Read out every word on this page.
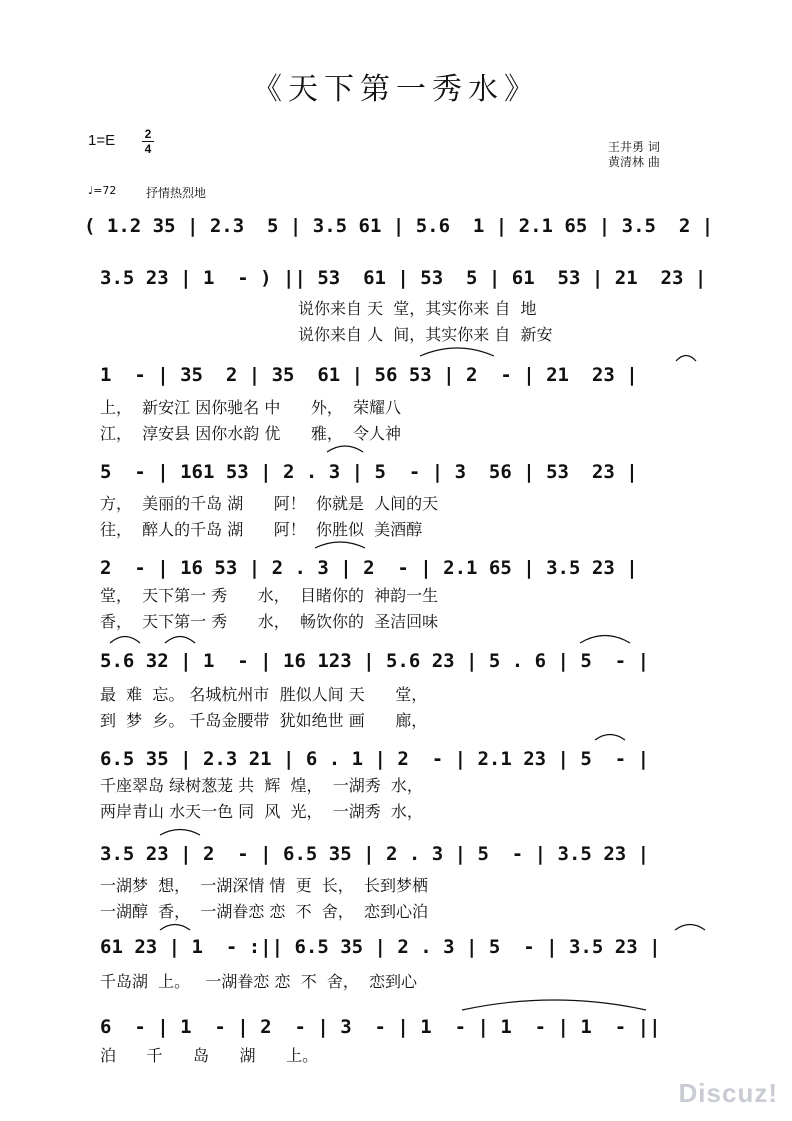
《天下第一秀水》
1=E 2
4	王井勇 词
黄清林 曲
♩=72 抒情热烈地
( 1.2 35 | 2.3  5 | 3.5 61 | 5.6  1 | 2.1 65 | 3.5  2 |
3.5 23 | 1  - ) || 53  61 | 53  5 | 61  53 | 21  23 |
说你来自 天  堂，其实你来 自  地
说你来自 人  间，其实你来 自  新安
1  - | 35  2 | 35  61 | 56 53 | 2  - | 21  23 |
上，  新安江 因你驰名 中      外，  荣耀八
江，  淳安县 因你水韵 优      雅，  令人神
5  - | 161 53 | 2 . 3 | 5  - | 3  56 | 53  23 |
方，  美丽的千岛 湖      阿！  你就是  人间的天
往，  醉人的千岛 湖      阿！  你胜似  美酒醇
2  - | 16 53 | 2 . 3 | 2  - | 2.1 65 | 3.5 23 |
堂，  天下第一 秀      水，  目睹你的  神韵一生
香，  天下第一 秀      水，  畅饮你的  圣洁回味
5.6 32 | 1  - | 16 123 | 5.6 23 | 5 . 6 | 5  - |
最  难  忘。 名城杭州市  胜似人间 天      堂，
到  梦  乡。 千岛金腰带  犹如绝世 画      廊，
6.5 35 | 2.3 21 | 6 . 1 | 2  - | 2.1 23 | 5  - |
千座翠岛 绿树葱茏 共  辉  煌，  一湖秀  水，
两岸青山 水天一色 同  风  光，  一湖秀  水，
3.5 23 | 2  - | 6.5 35 | 2 . 3 | 5  - | 3.5 23 |
一湖梦  想，  一湖深情 情  更  长，  长到梦栖
一湖醇  香，  一湖眷恋 恋  不  舍，  恋到心泊
61 23 | 1  - :|| 6.5 35 | 2 . 3 | 5  - | 3.5 23 |
千岛湖  上。   一湖眷恋 恋  不  舍，  恋到心
6  - | 1  - | 2  - | 3  - | 1  - | 1  - | 1  - ||
泊      千      岛      湖      上。
Discuz!
